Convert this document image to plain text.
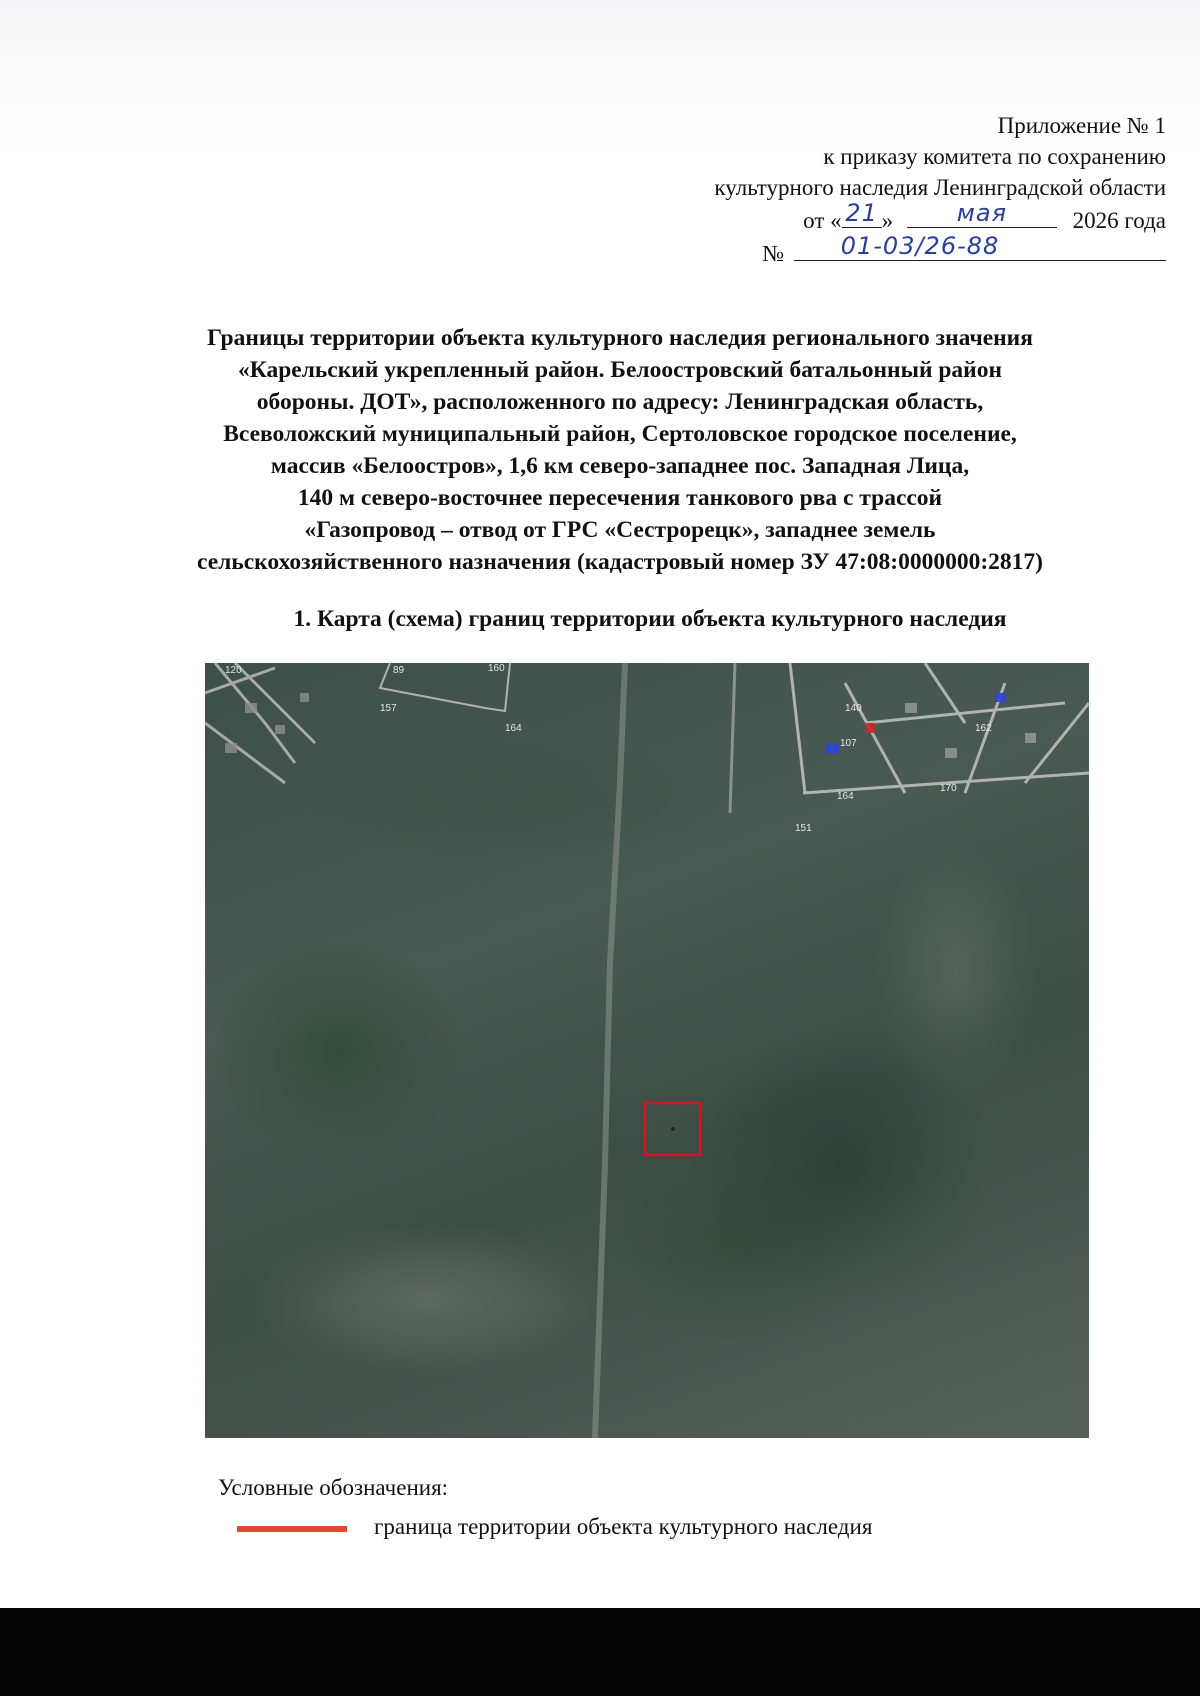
Приложение № 1
к приказу комитета по сохранению
культурного наследия Ленинградской области
от « 21 »	мая	2026 года
№	01-03/26-88
Границы территории объекта культурного наследия регионального значения
«Карельский укрепленный район. Белоостровский батальонный район
обороны. ДОТ», расположенного по адресу: Ленинградская область,
Всеволожский муниципальный район, Сертоловское городское поселение,
массив «Белоостров», 1,6 км северо-западнее пос. Западная Лица,
140 м северо-восточнее пересечения танкового рва с трассой
«Газопровод – отвод от ГРС «Сестрорецк», западнее земель
сельскохозяйственного назначения (кадастровый номер ЗУ 47:08:0000000:2817)
1. Карта (схема) границ территории объекта культурного наследия
89	160
157
164
140
107
162
164
170
151
120
Условные обозначения:
граница территории объекта культурного наследия
